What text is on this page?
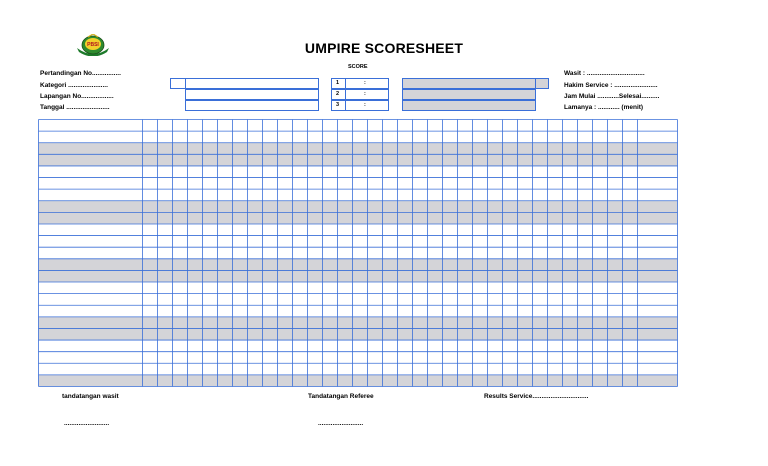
PBSI	UMPIRE SCORESHEET
SCORE
Pertandingan No................
Kategori ......................
Lapangan No..................
Tanggal ........................
1	:
2	:
3	:
Wasit : ................................
Hakim Service : ........................
Jam Mulai ............Selesai..........
Lamanya : ............ (menit)
tandatangan wasit	Tandatangan Referee	Results Service...............................
.........................	.........................
